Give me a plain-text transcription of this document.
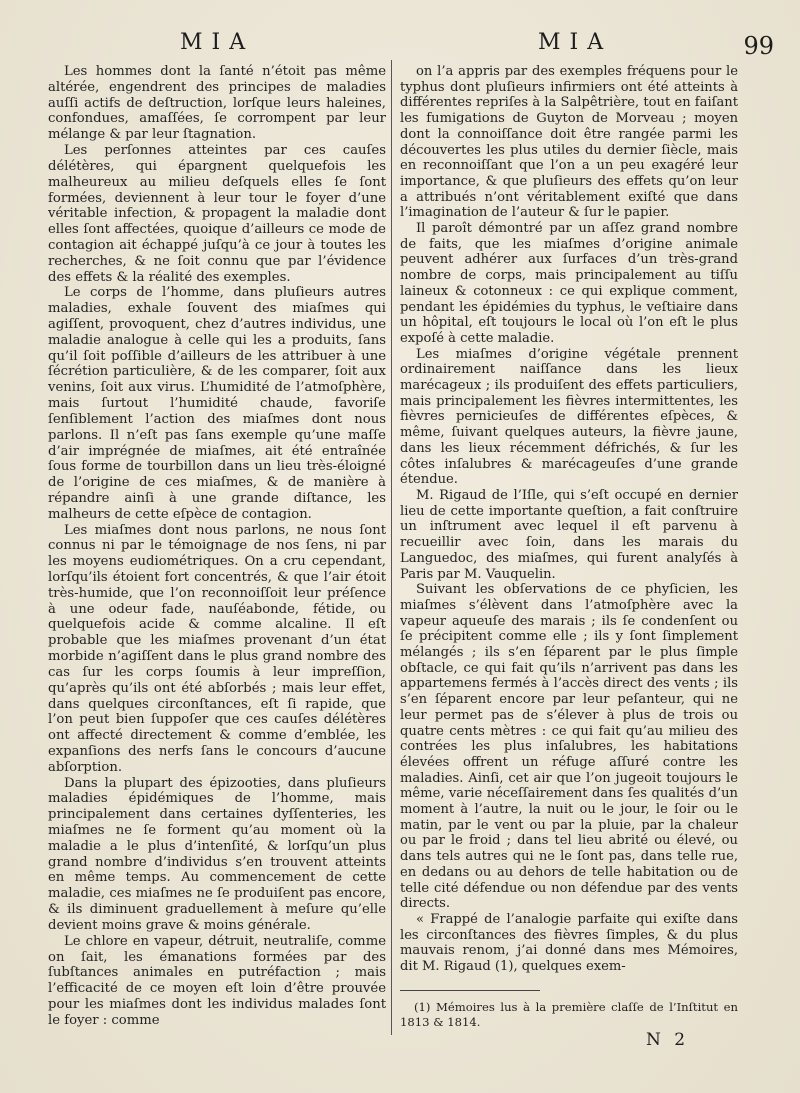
MIA	MIA	99

Les hommes dont la ſanté n’étoit pas même altérée, engendrent des principes de maladies auſſi actifs de deſtruction, lorſque leurs haleines, confondues, amaſſées, ſe corrompent par leur mélange & par leur ſtagnation.

Les perſonnes atteintes par ces cauſes délétères, qui épargnent quelquefois les malheureux au milieu deſquels elles ſe ſont formées, deviennent à leur tour le foyer d’une véritable infection, & propagent la maladie dont elles ſont affectées, quoique d’ailleurs ce mode de contagion ait échappé juſqu’à ce jour à toutes les recherches, & ne ſoit connu que par l’évidence des effets & la réalité des exemples.

Le corps de l’homme, dans pluſieurs autres maladies, exhale ſouvent des miaſmes qui agiſſent, provoquent, chez d’autres individus, une maladie analogue à celle qui les a produits, ſans qu’il ſoit poſſible d’ailleurs de les attribuer à une ſécrétion particulière, & de les comparer, ſoit aux venins, ſoit aux virus. L’humidité de l’atmoſphère, mais ſurtout l’humidité chaude, favoriſe ſenſiblement l’action des miaſmes dont nous parlons. Il n’eſt pas ſans exemple qu’une maſſe d’air imprégnée de miaſmes, ait été entraînée ſous forme de tourbillon dans un lieu très-éloigné de l’origine de ces miaſmes, & de manière à répandre ainſi à une grande diſtance, les malheurs de cette eſpèce de contagion.

Les miaſmes dont nous parlons, ne nous ſont connus ni par le témoignage de nos ſens, ni par les moyens eudiométriques. On a cru cependant, lorſqu’ils étoient fort concentrés, & que l’air étoit très-humide, que l’on reconnoiſſoit leur préſence à une odeur fade, nauſéabonde, fétide, ou quelquefois acide & comme alcaline. Il eſt probable que les miaſmes provenant d’un état morbide n’agiſſent dans le plus grand nombre des cas ſur les corps ſoumis à leur impreſſion, qu’après qu’ils ont été abſorbés ; mais leur effet, dans quelques circonſtances, eſt ſi rapide, que l’on peut bien ſuppoſer que ces cauſes délétères ont affecté directement & comme d’emblée, les expanſions des nerfs ſans le concours d’aucune abſorption.

Dans la plupart des épizooties, dans pluſieurs maladies épidémiques de l’homme, mais principalement dans certaines dyſſenteries, les miaſmes ne ſe forment qu’au moment où la maladie a le plus d’intenſité, & lorſqu’un plus grand nombre d’individus s’en trouvent atteints en même temps. Au commencement de cette maladie, ces miaſmes ne ſe produiſent pas encore, & ils diminuent graduellement à meſure qu’elle devient moins grave & moins générale.

Le chlore en vapeur, détruit, neutraliſe, comme on ſait, les émanations formées par des ſubſtances animales en putréfaction ; mais l’efficacité de ce moyen eſt loin d’être prouvée pour les miaſmes dont les individus malades ſont le foyer : comme

on l’a appris par des exemples fréquens pour le typhus dont pluſieurs infirmiers ont été atteints à différentes repriſes à la Salpêtrière, tout en faiſant les fumigations de Guyton de Morveau ; moyen dont la connoiſſance doit être rangée parmi les découvertes les plus utiles du dernier ſiècle, mais en reconnoiſſant que l’on a un peu exagéré leur importance, & que pluſieurs des effets qu’on leur a attribués n’ont véritablement exiſté que dans l’imagination de l’auteur & ſur le papier.

Il paroît démontré par un aſſez grand nombre de faits, que les miaſmes d’origine animale peuvent adhérer aux ſurfaces d’un très-grand nombre de corps, mais principalement au tiſſu laineux & cotonneux : ce qui explique comment, pendant les épidémies du typhus, le veſtiaire dans un hôpital, eſt toujours le local où l’on eſt le plus expoſé à cette maladie.

Les miaſmes d’origine végétale prennent ordinairement naiſſance dans les lieux marécageux ; ils produiſent des effets particuliers, mais principalement les fièvres intermittentes, les fièvres pernicieuſes de différentes eſpèces, & même, ſuivant quelques auteurs, la fièvre jaune, dans les lieux récemment défrichés, & ſur les côtes inſalubres & marécageuſes d’une grande étendue.

M. Rigaud de l’Iſle, qui s’eſt occupé en dernier lieu de cette importante queſtion, a fait conſtruire un inſtrument avec lequel il eſt parvenu à recueillir avec ſoin, dans les marais du Languedoc, des miaſmes, qui furent analyſés à Paris par M. Vauquelin.

Suivant les obſervations de ce phyſicien, les miaſmes s’élèvent dans l’atmoſphère avec la vapeur aqueuſe des marais ; ils ſe condenſent ou ſe précipitent comme elle ; ils y ſont ſimplement mélangés ; ils s’en ſéparent par le plus ſimple obſtacle, ce qui fait qu’ils n’arrivent pas dans les appartemens fermés à l’accès direct des vents ; ils s’en ſéparent encore par leur peſanteur, qui ne leur permet pas de s’élever à plus de trois ou quatre cents mètres : ce qui fait qu’au milieu des contrées les plus inſalubres, les habitations élevées offrent un réfuge aſſuré contre les maladies. Ainſi, cet air que l’on jugeoit toujours le même, varie néceſſairement dans ſes qualités d’un moment à l’autre, la nuit ou le jour, le ſoir ou le matin, par le vent ou par la pluie, par la chaleur ou par le froid ; dans tel lieu abrité ou élevé, ou dans tels autres qui ne le ſont pas, dans telle rue, en dedans ou au dehors de telle habitation ou de telle cité défendue ou non défendue par des vents directs.

« Frappé de l’analogie parfaite qui exiſte dans les circonſtances des fièvres ſimples, & du plus mauvais renom, j’ai donné dans mes Mémoires, dit M. Rigaud (1), quelques exem-

(1) Mémoires lus à la première claſſe de l’Inſtitut en 1813 & 1814.

N 2
